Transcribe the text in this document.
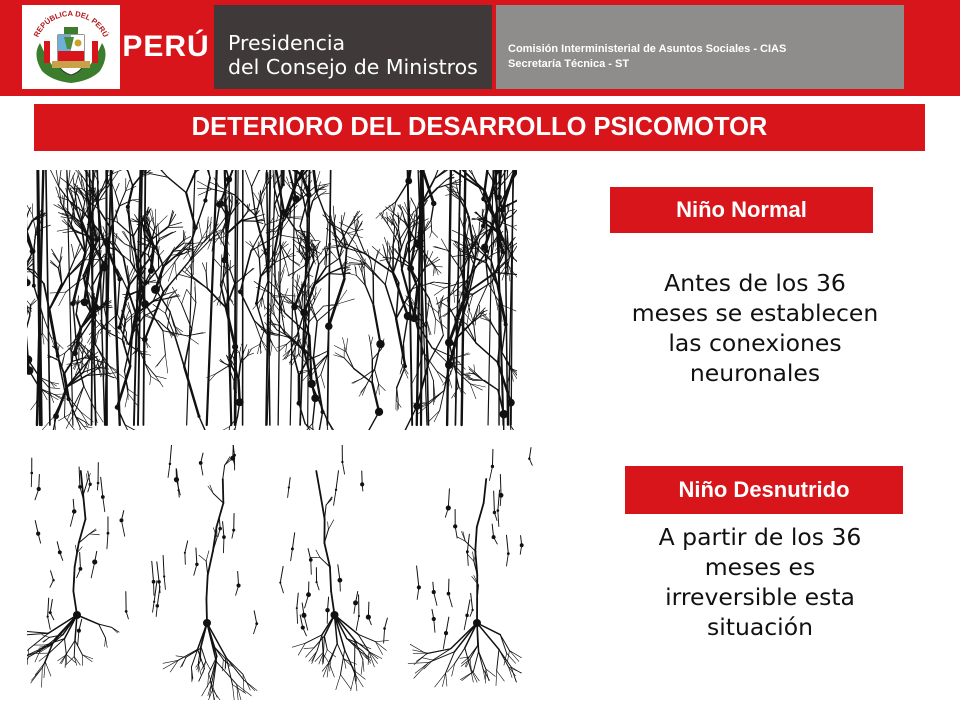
REPÚBLICA DEL PERÚ PERÚ Presidencia
del Consejo de Ministros
Comisión Interministerial de Asuntos Sociales - CIAS
Secretaría Técnica - ST
DETERIORO DEL DESARROLLO PSICOMOTOR
Niño Normal
Antes de los 36
meses se establecen
las conexiones
neuronales
Niño Desnutrido
A partir de los 36
meses es
irreversible esta
situación
